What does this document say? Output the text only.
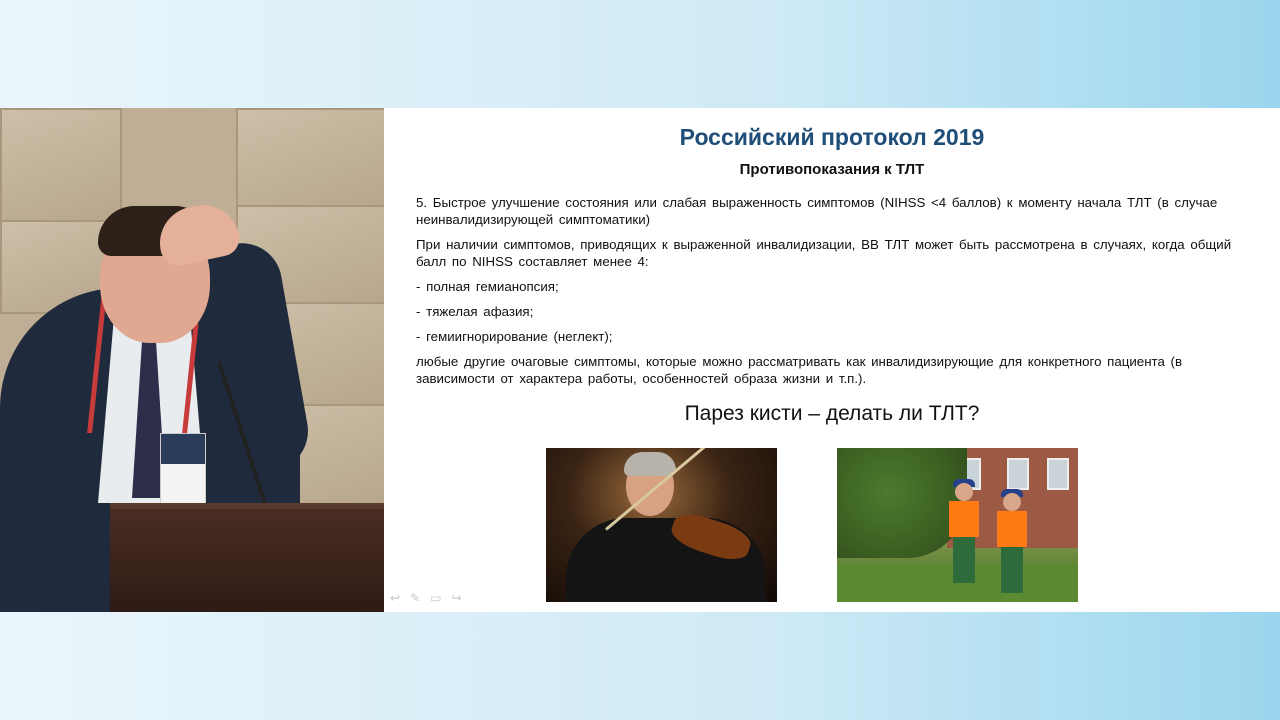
Российский протокол 2019
Противопоказания к ТЛТ
5. Быстрое улучшение состояния или слабая выраженность симптомов (NIHSS <4 баллов) к моменту начала ТЛТ (в случае неинвалидизирующей симптоматики)
При наличии симптомов, приводящих к выраженной инвалидизации, ВВ ТЛТ может быть рассмотрена в случаях, когда общий балл по NIHSS составляет менее 4:
- полная гемианопсия;
- тяжелая афазия;
- гемиигнорирование (неглект);
любые другие очаговые симптомы, которые можно рассматривать как инвалидизирующие для конкретного пациента (в зависимости от характера работы, особенностей образа жизни и т.п.).
Парез кисти – делать ли ТЛТ?
↩ ✎ ▭ ↪
